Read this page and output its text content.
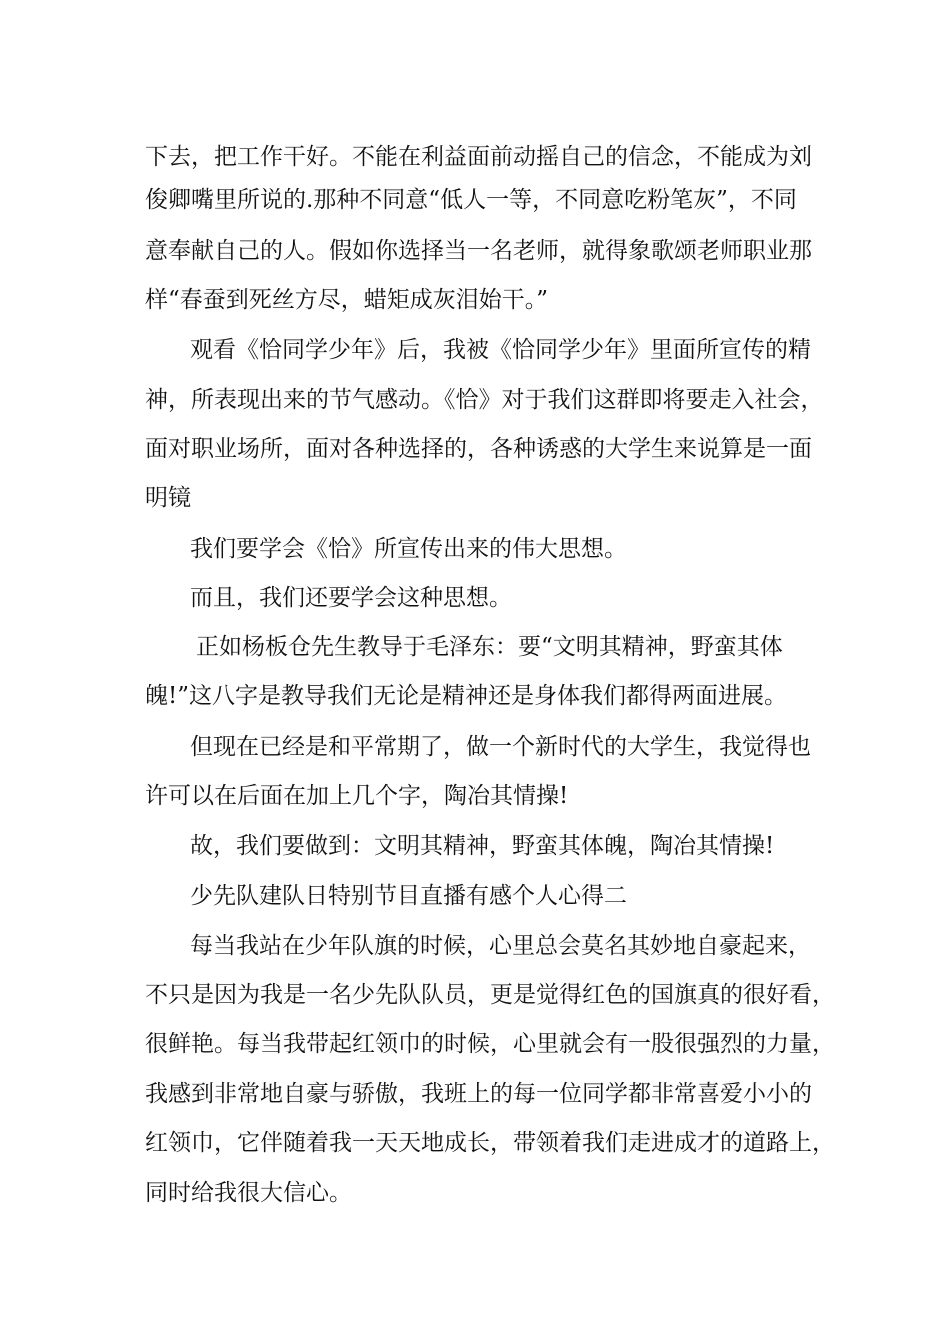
下去，把工作干好。不能在利益面前动摇自己的信念，不能成为刘
俊卿嘴里所说的.那种不同意“低人一等，不同意吃粉笔灰”，不同
意奉献自己的人。假如你选择当一名老师，就得象歌颂老师职业那
样“春蚕到死丝方尽，蜡矩成灰泪始干。”
观看《恰同学少年》后，我被《恰同学少年》里面所宣传的精
神，所表现出来的节气感动。《恰》对于我们这群即将要走入社会，
面对职业场所，面对各种选择的，各种诱惑的大学生来说算是一面
明镜
我们要学会《恰》所宣传出来的伟大思想。
而且，我们还要学会这种思想。
正如杨板仓先生教导于毛泽东：要“文明其精神，野蛮其体
魄!”这八字是教导我们无论是精神还是身体我们都得两面进展。
但现在已经是和平常期了，做一个新时代的大学生，我觉得也
许可以在后面在加上几个字，陶冶其情操!
故，我们要做到：文明其精神，野蛮其体魄，陶冶其情操!
少先队建队日特别节目直播有感个人心得二
每当我站在少年队旗的时候，心里总会莫名其妙地自豪起来，
不只是因为我是一名少先队队员，更是觉得红色的国旗真的很好看，
很鲜艳。每当我带起红领巾的时候，心里就会有一股很强烈的力量，
我感到非常地自豪与骄傲，我班上的每一位同学都非常喜爱小小的
红领巾，它伴随着我一天天地成长，带领着我们走进成才的道路上，
同时给我很大信心。
